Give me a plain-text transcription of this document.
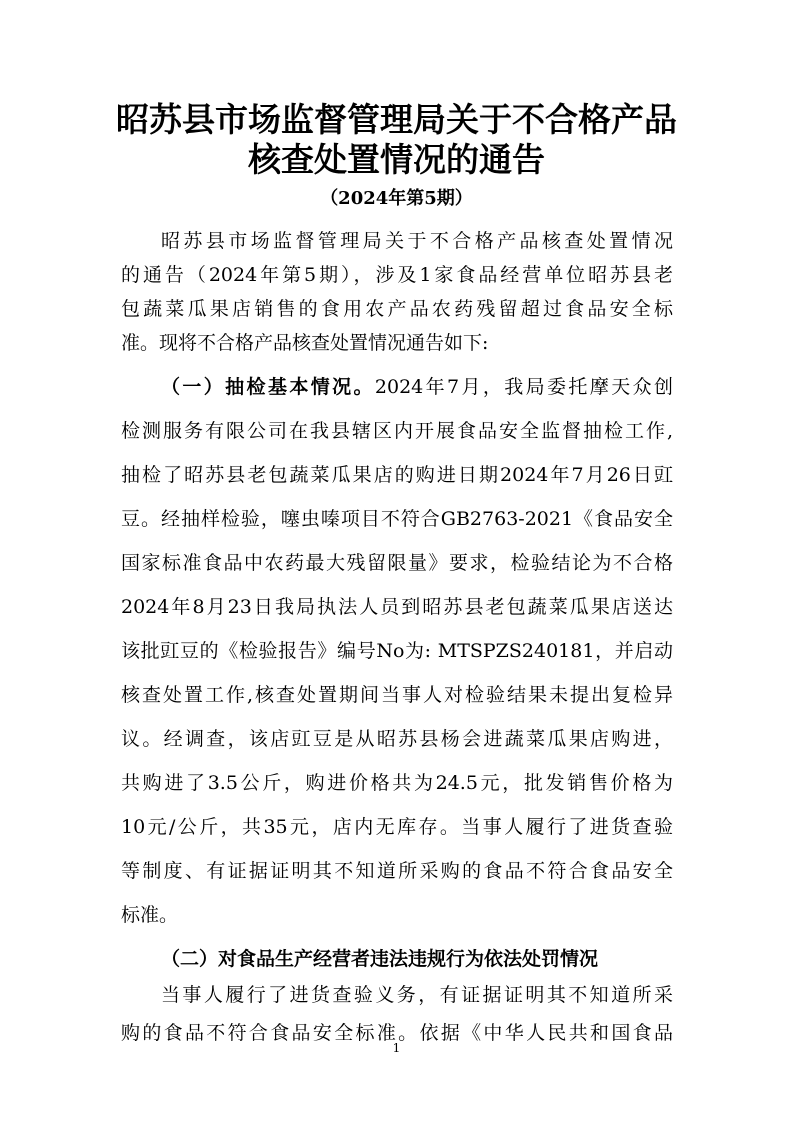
昭苏县市场监督管理局关于不合格产品
核查处置情况的通告

（2024年第5期）

昭苏县市场监督管理局关于不合格产品核查处置情况

的通告（2024年第5期），涉及1家食品经营单位昭苏县老

包蔬菜瓜果店销售的食用农产品农药残留超过食品安全标

准。现将不合格产品核查处置情况通告如下:

（一）抽检基本情况。2024年7月，我局委托摩天众创

检测服务有限公司在我县辖区内开展食品安全监督抽检工作,

抽检了昭苏县老包蔬菜瓜果店的购进日期2024年7月26日豇

豆。经抽样检验，噻虫嗪项目不符合GB2763-2021《食品安全

国家标准食品中农药最大残留限量》要求，检验结论为不合格

2024年8月23日我局执法人员到昭苏县老包蔬菜瓜果店送达

该批豇豆的《检验报告》编号No为: MTSPZS240181，并启动

核查处置工作,核查处置期间当事人对检验结果未提出复检异

议。经调查，该店豇豆是从昭苏县杨会进蔬菜瓜果店购进，

共购进了3.5公斤，购进价格共为24.5元，批发销售价格为

10元/公斤，共35元，店内无库存。当事人履行了进货查验

等制度、有证据证明其不知道所采购的食品不符合食品安全

标准。

（二）对食品生产经营者违法违规行为依法处罚情况

当事人履行了进货查验义务，有证据证明其不知道所采

购的食品不符合食品安全标准。依据《中华人民共和国食品

1
